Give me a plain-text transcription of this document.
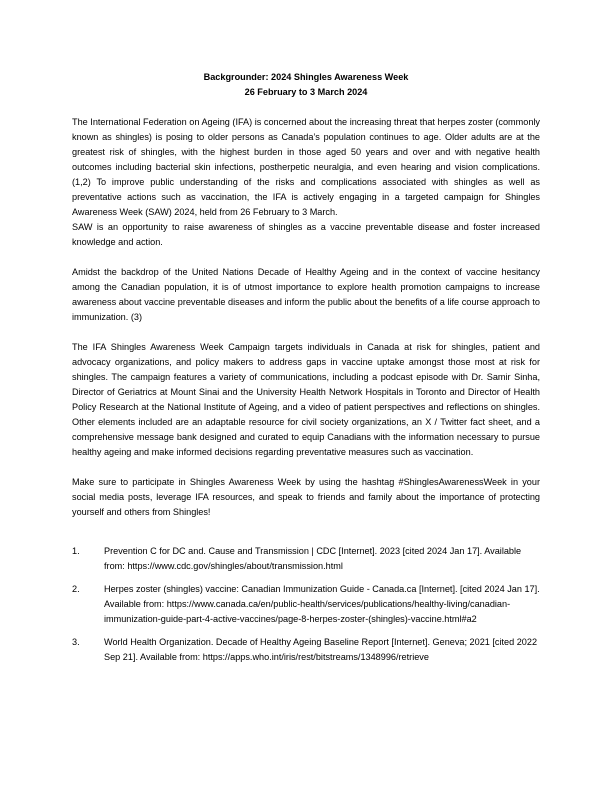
Backgrounder: 2024 Shingles Awareness Week

26 February to 3 March 2024

The International Federation on Ageing (IFA) is concerned about the increasing threat that herpes zoster (commonly known as shingles) is posing to older persons as Canada’s population continues to age. Older adults are at the greatest risk of shingles, with the highest burden in those aged 50 years and over and with negative health outcomes including bacterial skin infections, postherpetic neuralgia, and even hearing and vision complications. (1,2) To improve public understanding of the risks and complications associated with shingles as well as preventative actions such as vaccination, the IFA is actively engaging in a targeted campaign for Shingles Awareness Week (SAW) 2024, held from 26 February to 3 March.

SAW is an opportunity to raise awareness of shingles as a vaccine preventable disease and foster increased knowledge and action.

Amidst the backdrop of the United Nations Decade of Healthy Ageing and in the context of vaccine hesitancy among the Canadian population, it is of utmost importance to explore health promotion campaigns to increase awareness about vaccine preventable diseases and inform the public about the benefits of a life course approach to immunization. (3)

The IFA Shingles Awareness Week Campaign targets individuals in Canada at risk for shingles, patient and advocacy organizations, and policy makers to address gaps in vaccine uptake amongst those most at risk for shingles. The campaign features a variety of communications, including a podcast episode with Dr. Samir Sinha, Director of Geriatrics at Mount Sinai and the University Health Network Hospitals in Toronto and Director of Health Policy Research at the National Institute of Ageing, and a video of patient perspectives and reflections on shingles. Other elements included are an adaptable resource for civil society organizations, an X / Twitter fact sheet, and a comprehensive message bank designed and curated to equip Canadians with the information necessary to pursue healthy ageing and make informed decisions regarding preventative measures such as vaccination.

Make sure to participate in Shingles Awareness Week by using the hashtag #ShinglesAwarenessWeek in your social media posts, leverage IFA resources, and speak to friends and family about the importance of protecting yourself and others from Shingles!

1.	Prevention C for DC and. Cause and Transmission | CDC [Internet]. 2023 [cited 2024 Jan 17]. Available from: https://www.cdc.gov/shingles/about/transmission.html
2.	Herpes zoster (shingles) vaccine: Canadian Immunization Guide - Canada.ca [Internet]. [cited 2024 Jan 17]. Available from: https://www.canada.ca/en/public-health/services/publications/healthy-living/canadian-immunization-guide-part-4-active-vaccines/page-8-herpes-zoster-(shingles)-vaccine.html#a2
3.	World Health Organization. Decade of Healthy Ageing Baseline Report [Internet]. Geneva; 2021 [cited 2022 Sep 21]. Available from: https://apps.who.int/iris/rest/bitstreams/1348996/retrieve
